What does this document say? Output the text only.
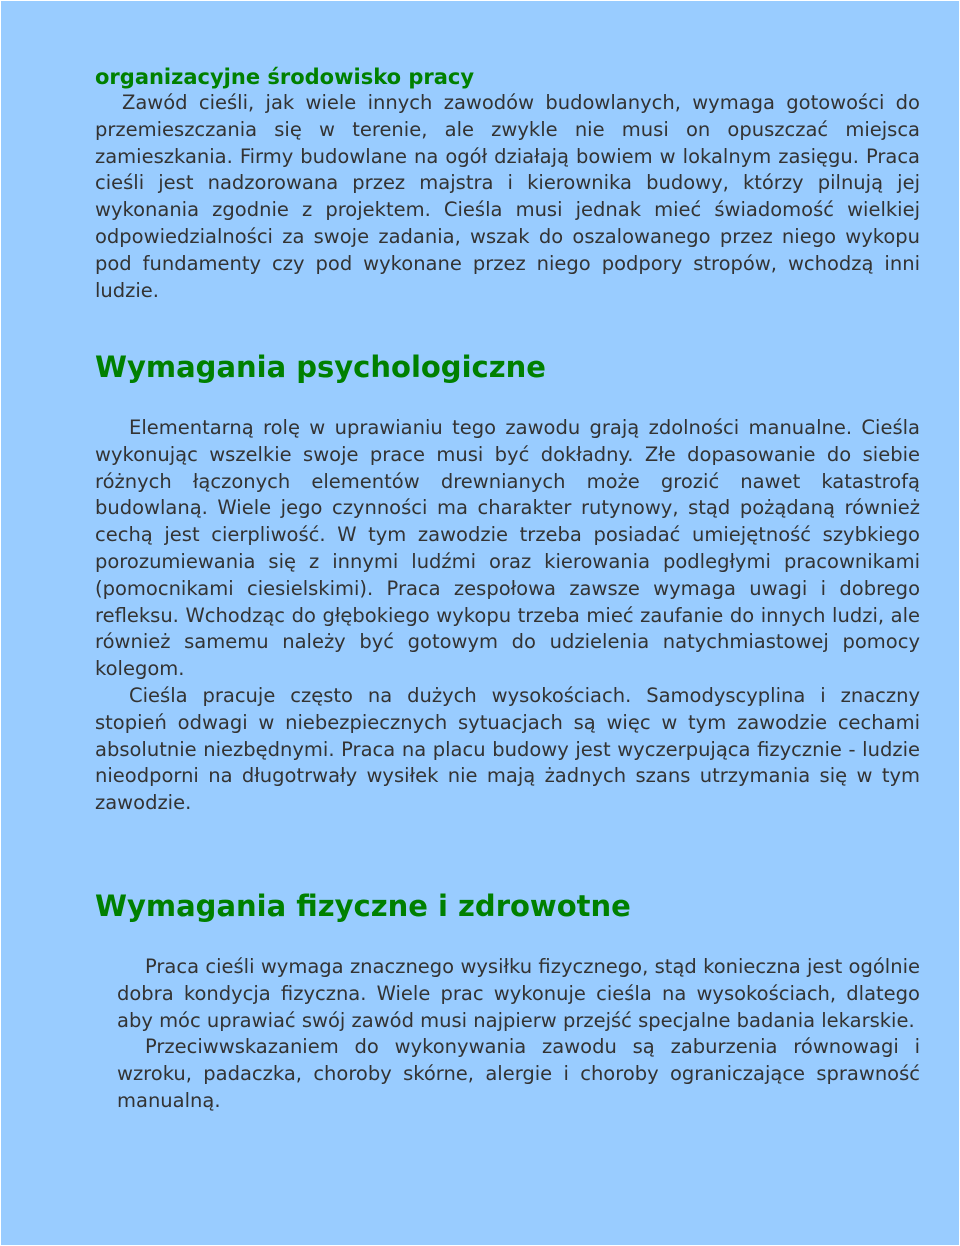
organizacyjne środowisko pracy

Zawód cieśli, jak wiele innych zawodów budowlanych, wymaga gotowości do przemieszczania się w terenie, ale zwykle nie musi on opuszczać miejsca zamieszkania. Firmy budowlane na ogół działają bowiem w lokalnym zasięgu. Praca cieśli jest nadzorowana przez majstra i kierownika budowy, którzy pilnują jej wykonania zgodnie z projektem. Cieśla musi jednak mieć świadomość wielkiej odpowiedzialności za swoje zadania, wszak do oszalowanego przez niego wykopu pod fundamenty czy pod wykonane przez niego podpory stropów, wchodzą inni ludzie.

Wymagania psychologiczne

Elementarną rolę w uprawianiu tego zawodu grają zdolności manualne. Cieśla wykonując wszelkie swoje prace musi być dokładny. Złe dopasowanie do siebie różnych łączonych elementów drewnianych może grozić nawet katastrofą budowlaną. Wiele jego czynności ma charakter rutynowy, stąd pożądaną również cechą jest cierpliwość. W tym zawodzie trzeba posiadać umiejętność szybkiego porozumiewania się z innymi ludźmi oraz kierowania podległymi pracownikami (pomocnikami ciesielskimi). Praca zespołowa zawsze wymaga uwagi i dobrego refleksu. Wchodząc do głębokiego wykopu trzeba mieć zaufanie do innych ludzi, ale również samemu należy być gotowym do udzielenia natychmiastowej pomocy kolegom.

Cieśla pracuje często na dużych wysokościach. Samodyscyplina i znaczny stopień odwagi w niebezpiecznych sytuacjach są więc w tym zawodzie cechami absolutnie niezbędnymi. Praca na placu budowy jest wyczerpująca fizycznie - ludzie nieodporni na długotrwały wysiłek nie mają żadnych szans utrzymania się w tym zawodzie.

Wymagania fizyczne i zdrowotne

Praca cieśli wymaga znacznego wysiłku fizycznego, stąd konieczna jest ogólnie dobra kondycja fizyczna. Wiele prac wykonuje cieśla na wysokościach, dlatego aby móc uprawiać swój zawód musi najpierw przejść specjalne badania lekarskie.

Przeciwwskazaniem do wykonywania zawodu są zaburzenia równowagi i wzroku, padaczka, choroby skórne, alergie i choroby ograniczające sprawność manualną.
